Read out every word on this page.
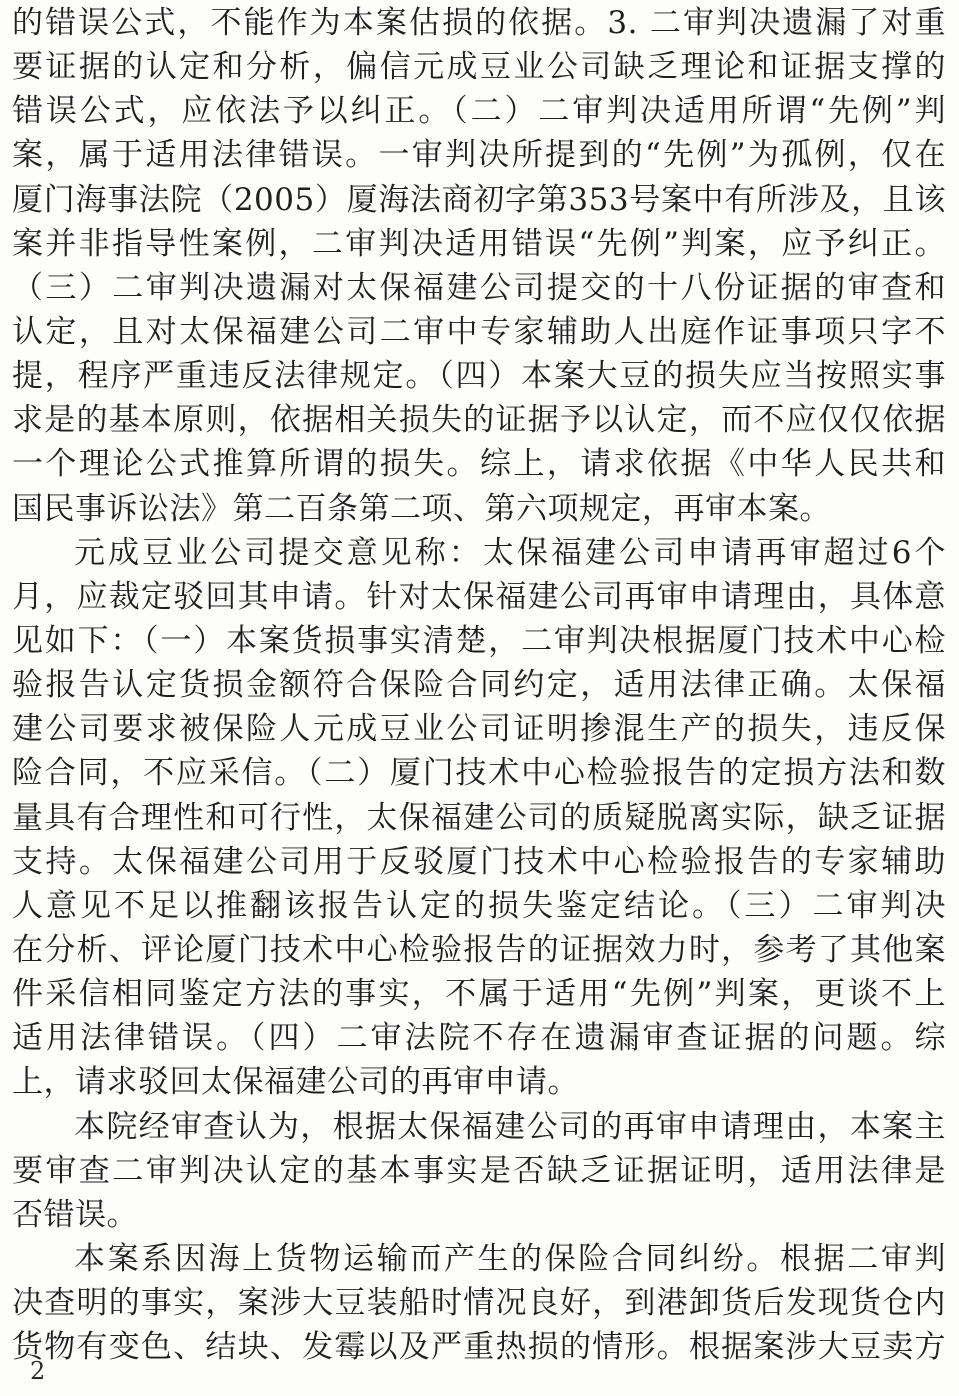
的错误公式，不能作为本案估损的依据。3. 二审判决遗漏了对重
要证据的认定和分析，偏信元成豆业公司缺乏理论和证据支撑的
错误公式，应依法予以纠正。（二）二审判决适用所谓“先例”判
案，属于适用法律错误。一审判决所提到的“先例”为孤例，仅在
厦门海事法院（2005）厦海法商初字第353号案中有所涉及，且该
案并非指导性案例，二审判决适用错误“先例”判案，应予纠正。
（三）二审判决遗漏对太保福建公司提交的十八份证据的审查和
认定，且对太保福建公司二审中专家辅助人出庭作证事项只字不
提，程序严重违反法律规定。（四）本案大豆的损失应当按照实事
求是的基本原则，依据相关损失的证据予以认定，而不应仅仅依据
一个理论公式推算所谓的损失。综上，请求依据《中华人民共和
国民事诉讼法》第二百条第二项、第六项规定，再审本案。
元成豆业公司提交意见称：太保福建公司申请再审超过6个
月，应裁定驳回其申请。针对太保福建公司再审申请理由，具体意
见如下：（一）本案货损事实清楚，二审判决根据厦门技术中心检
验报告认定货损金额符合保险合同约定，适用法律正确。太保福
建公司要求被保险人元成豆业公司证明掺混生产的损失，违反保
险合同，不应采信。（二）厦门技术中心检验报告的定损方法和数
量具有合理性和可行性，太保福建公司的质疑脱离实际，缺乏证据
支持。太保福建公司用于反驳厦门技术中心检验报告的专家辅助
人意见不足以推翻该报告认定的损失鉴定结论。（三）二审判决
在分析、评论厦门技术中心检验报告的证据效力时，参考了其他案
件采信相同鉴定方法的事实，不属于适用“先例”判案，更谈不上
适用法律错误。（四）二审法院不存在遗漏审查证据的问题。综
上，请求驳回太保福建公司的再审申请。
本院经审查认为，根据太保福建公司的再审申请理由，本案主
要审查二审判决认定的基本事实是否缺乏证据证明，适用法律是
否错误。
本案系因海上货物运输而产生的保险合同纠纷。根据二审判
决查明的事实，案涉大豆装船时情况良好，到港卸货后发现货仓内
货物有变色、结块、发霉以及严重热损的情形。根据案涉大豆卖方
2
